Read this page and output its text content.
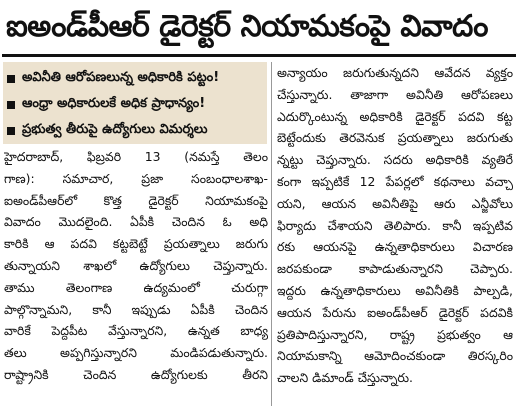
ఐఅండ్‌పీఆర్ డైరెక్టర్ నియామకంపై వివాదం
అవినీతి ఆరోపణలున్న అధికారికి పట్టం!
ఆంధ్రా అధికారులకే అధిక ప్రాధాన్యం!
ప్రభుత్వ తీరుపై ఉద్యోగులు విమర్శలు
హైదరాబాద్, ఫిబ్రవరి 13 (నమస్తే తెలం
గాణ): సమాచార, ప్రజా సంబంధాలశాఖ-
ఐఅండ్‌పీఆర్‌లో కొత్త డైరెక్టర్ నియామకంపై
వివాదం మొదలైంది. ఏపీకి చెందిన ఓ అధి
కారికి ఆ పదవి కట్టబెట్టే ప్రయత్నాలు జరుగు
తున్నాయని శాఖలో ఉద్యోగులు చెప్తున్నారు.
తాము తెలంగాణ ఉద్యమంలో చురుగ్గా
పాల్గొన్నామని, కానీ ఇప్పుడు ఏపీకి చెందిన
వారికే పెద్దపీట వేస్తున్నారని, ఉన్నత బాధ్య
తలు అప్పగిస్తున్నారని మండిపడుతున్నారు.
రాష్ట్రానికి చెందిన ఉద్యోగులకు తీరని
అన్యాయం జరుగుతున్నదని ఆవేదన వ్యక్తం
చేస్తున్నారు. తాజాగా అవినీతి ఆరోపణలు
ఎదుర్కొంటున్న అధికారికి డైరెక్టర్ పదవి కట్ట
బెట్టేందుకు తెరవెనుక ప్రయత్నాలు జరుగుతు
న్నట్టు చెప్తున్నారు. సదరు అధికారికి వ్యతిరే
కంగా ఇప్పటికే 12 పేపర్లలో కథనాలు వచ్చా
యని, ఆయన అవినీతిపై ఆరు ఎన్జీవోలు
ఫిర్యాదు చేశాయని తెలిపారు. కానీ ఇప్పటివ
రకు ఆయనపై ఉన్నతాధికారులు విచారణ
జరపకుండా కాపాడుతున్నారని చెప్పారు.
ఇద్దరు ఉన్నతాధికారులు అవినీతికి పాల్పడి,
ఆయన పేరును ఐఅండ్‌పీఆర్ డైరెక్టర్ పదవికి
ప్రతిపాదిస్తున్నారని, రాష్ట్ర ప్రభుత్వం ఆ
నియామకాన్ని ఆమోదించకుండా తిరస్కరిం
చాలని డిమాండ్ చేస్తున్నారు.
